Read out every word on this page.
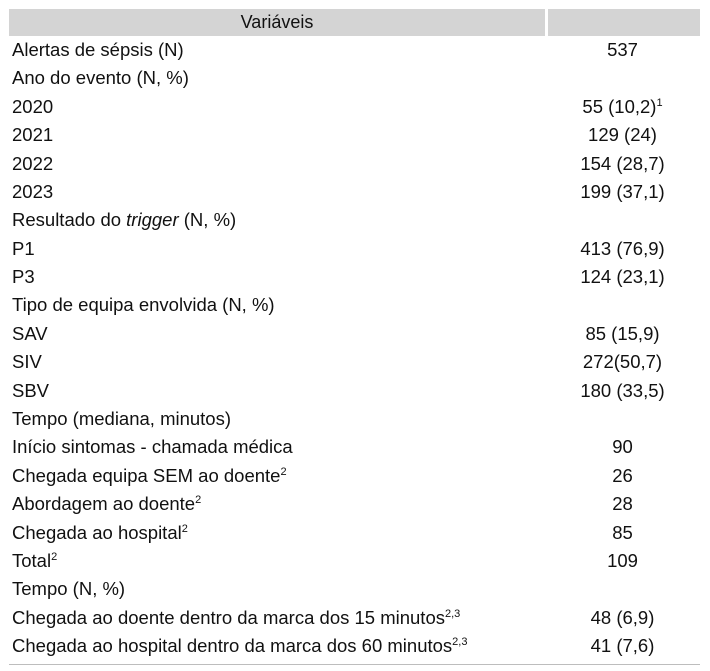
Variáveis
Alertas de sépsis (N)	537
Ano do evento (N, %)
2020	55 $(10,2)^1$
2021	129 (24)
2022	154 (28,7)
2023	199 (37,1)
Resultado do trigger (N, %)
P1	413 (76,9)
P3	124 (23,1)
Tipo de equipa envolvida (N, %)
SAV	85 (15,9)
SIV	272(50,7)
SBV	180 (33,5)
Tempo (mediana, minutos)
Início sintomas - chamada médica	90
Chegada equipa SEM ao doente$^2$	26
Abordagem ao doente$^2$	28
Chegada ao hospital$^2$	85
Total$^2$	109
Tempo (N, %)
Chegada ao doente dentro da marca dos 15 minutos$^{2,3}$	48 (6,9)
Chegada ao hospital dentro da marca dos 60 minutos$^{2,3}$	41 (7,6)
